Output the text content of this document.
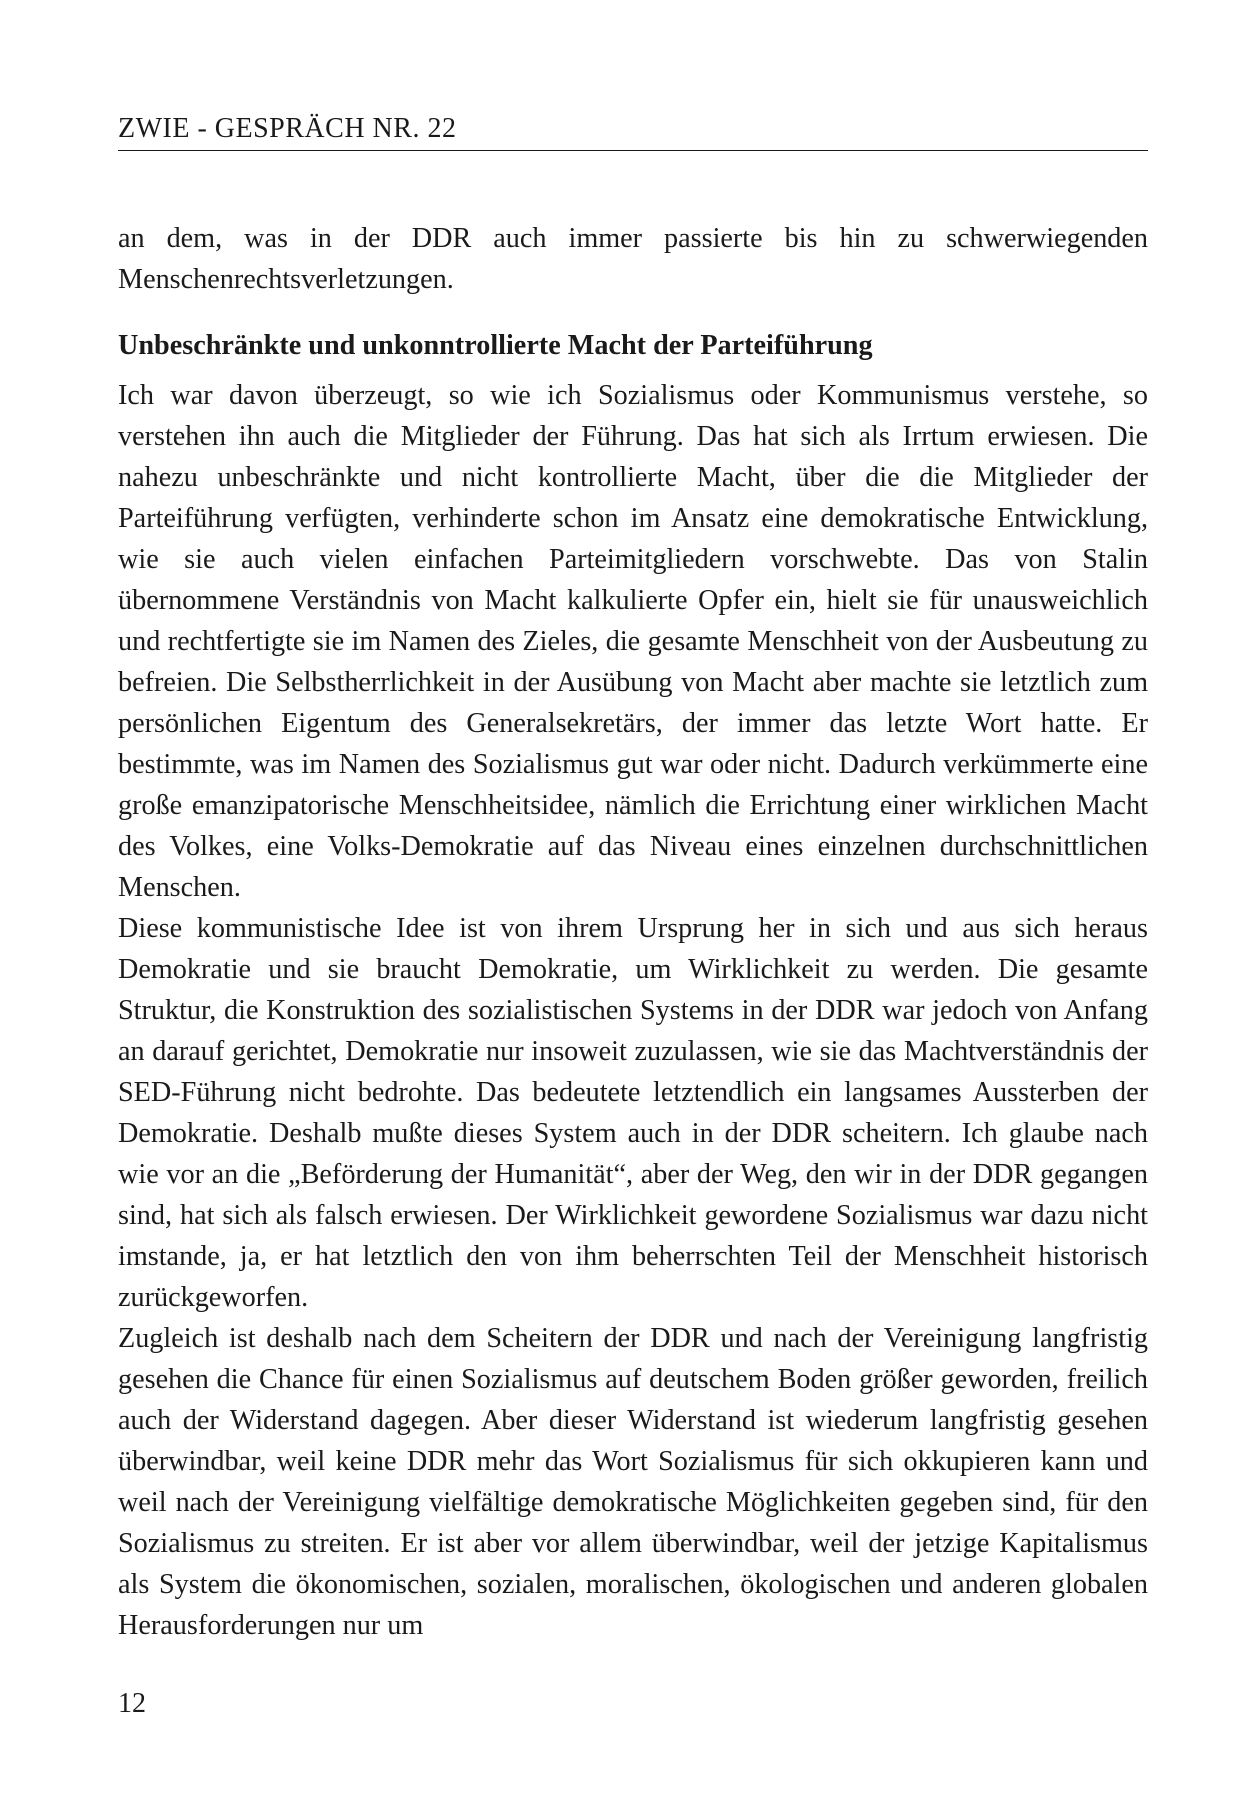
ZWIE - GESPRÄCH NR. 22

an dem, was in der DDR auch immer passierte bis hin zu schwerwiegenden Menschenrechtsverletzungen.

Unbeschränkte und unkonntrollierte Macht der Parteiführung

Ich war davon überzeugt, so wie ich Sozialismus oder Kommunismus verstehe, so verstehen ihn auch die Mitglieder der Führung. Das hat sich als Irrtum erwiesen. Die nahezu unbeschränkte und nicht kontrollierte Macht, über die die Mitglieder der Parteiführung verfügten, verhinderte schon im Ansatz eine demokratische Entwicklung, wie sie auch vielen einfachen Parteimitgliedern vorschwebte. Das von Stalin übernommene Verständnis von Macht kalkulierte Opfer ein, hielt sie für unausweichlich und rechtfertigte sie im Namen des Zieles, die gesamte Menschheit von der Ausbeutung zu befreien. Die Selbstherrlichkeit in der Ausübung von Macht aber machte sie letztlich zum persönlichen Eigentum des Generalsekretärs, der immer das letzte Wort hatte. Er bestimmte, was im Namen des Sozialismus gut war oder nicht. Dadurch verkümmerte eine große emanzipatorische Menschheitsidee, nämlich die Errichtung einer wirklichen Macht des Volkes, eine Volks-Demokratie auf das Niveau eines einzelnen durchschnittlichen Menschen.

Diese kommunistische Idee ist von ihrem Ursprung her in sich und aus sich heraus Demokratie und sie braucht Demokratie, um Wirklichkeit zu werden. Die gesamte Struktur, die Konstruktion des sozialistischen Systems in der DDR war jedoch von Anfang an darauf gerichtet, Demokratie nur insoweit zuzulassen, wie sie das Machtverständnis der SED-Führung nicht bedrohte. Das bedeutete letztendlich ein langsames Aussterben der Demokratie. Deshalb mußte dieses System auch in der DDR scheitern. Ich glaube nach wie vor an die „Beförderung der Humanität“, aber der Weg, den wir in der DDR gegangen sind, hat sich als falsch erwiesen. Der Wirklichkeit gewordene Sozialismus war dazu nicht imstande, ja, er hat letztlich den von ihm beherrschten Teil der Menschheit historisch zurückgeworfen.

Zugleich ist deshalb nach dem Scheitern der DDR und nach der Vereinigung langfristig gesehen die Chance für einen Sozialismus auf deutschem Boden größer geworden, freilich auch der Widerstand dagegen. Aber dieser Widerstand ist wiederum langfristig gesehen überwindbar, weil keine DDR mehr das Wort Sozialismus für sich okkupieren kann und weil nach der Vereinigung vielfältige demokratische Möglichkeiten gegeben sind, für den Sozialismus zu streiten. Er ist aber vor allem überwindbar, weil der jetzige Kapitalismus als System die ökonomischen, sozialen, moralischen, ökologischen und anderen globalen Herausforderungen nur um

12
